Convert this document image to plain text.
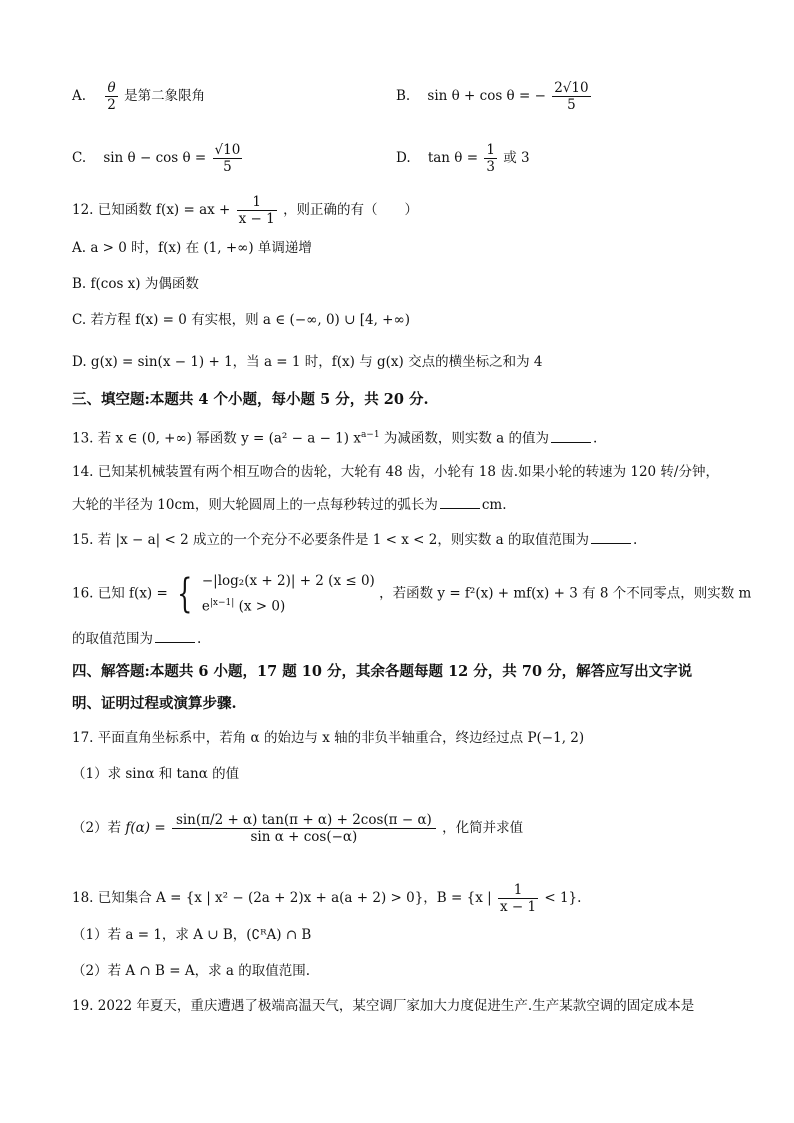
A. $\frac{\theta}{2}$ 是第二象限角	B. sin θ + cos θ = − $\frac{2√10}{5}$
C. $\sin \theta - \cos \theta = \frac{√10}{5}$	D. $\tan \theta = \frac{1}{3}$ 或 3
12. 已知函数 f(x) = ax + $\frac{1}{x - 1}$ ，则正确的有（　　）
A. a > 0 时，f(x) 在 (1, +∞) 单调递增
B. f(cos x) 为偶函数
C. 若方程 f(x) = 0 有实根，则 a ∈ (−∞, 0) ∪ [4, +∞)
D. g(x) = sin(x − 1) + 1，当 a = 1 时，f(x) 与 g(x) 交点的横坐标之和为 4
三、填空题:本题共 4 个小题，每小题 5 分，共 20 分.
13. 若 x ∈ (0, +∞) 幂函数 y = (a² − a − 1) $x^{a-1}$ 为减函数，则实数 a 的值为	.
14. 已知某机械装置有两个相互吻合的齿轮，大轮有 48 齿，小轮有 18 齿.如果小轮的转速为 120 转/分钟，
大轮的半径为 10cm，则大轮圆周上的一点每秒转过的弧长为	cm.
15. 若 |x − a| < 2 成立的一个充分不必要条件是 1 < x < 2，则实数 a 的取值范围为	.
16. 已知 f(x) = { −|log₂(x + 2)| + 2 (x ≤ 0)
$e^{|x-1|}$ (x > 0)
，若函数 y = f²(x) + mf(x) + 3 有 8 个不同零点，则实数 m
的取值范围为	.
四、解答题:本题共 6 小题，17 题 10 分，其余各题每题 12 分，共 70 分，解答应写出文字说
明、证明过程或演算步骤.
17. 平面直角坐标系中，若角 α 的始边与 x 轴的非负半轴重合，终边经过点 P(−1, 2)
（1）求 sinα 和 tanα 的值
（2）若 $f(\alpha) = \frac{\sin(\pi/2 + \alpha) \tan(\pi + \alpha) + 2\cos(\pi - \alpha)}{\text{sin α + cos(−α)}}$ ，化简并求值
18. 已知集合 A = {x | x² − (2a + 2)x + a(a + 2) > 0}，B = {x | $\frac{1}{x - 1} < 1$}.
（1）若 a = 1，求 A ∪ B，(∁ᴿA) ∩ B
（2）若 A ∩ B = A，求 a 的取值范围.
19. 2022 年夏天，重庆遭遇了极端高温天气，某空调厂家加大力度促进生产.生产某款空调的固定成本是
